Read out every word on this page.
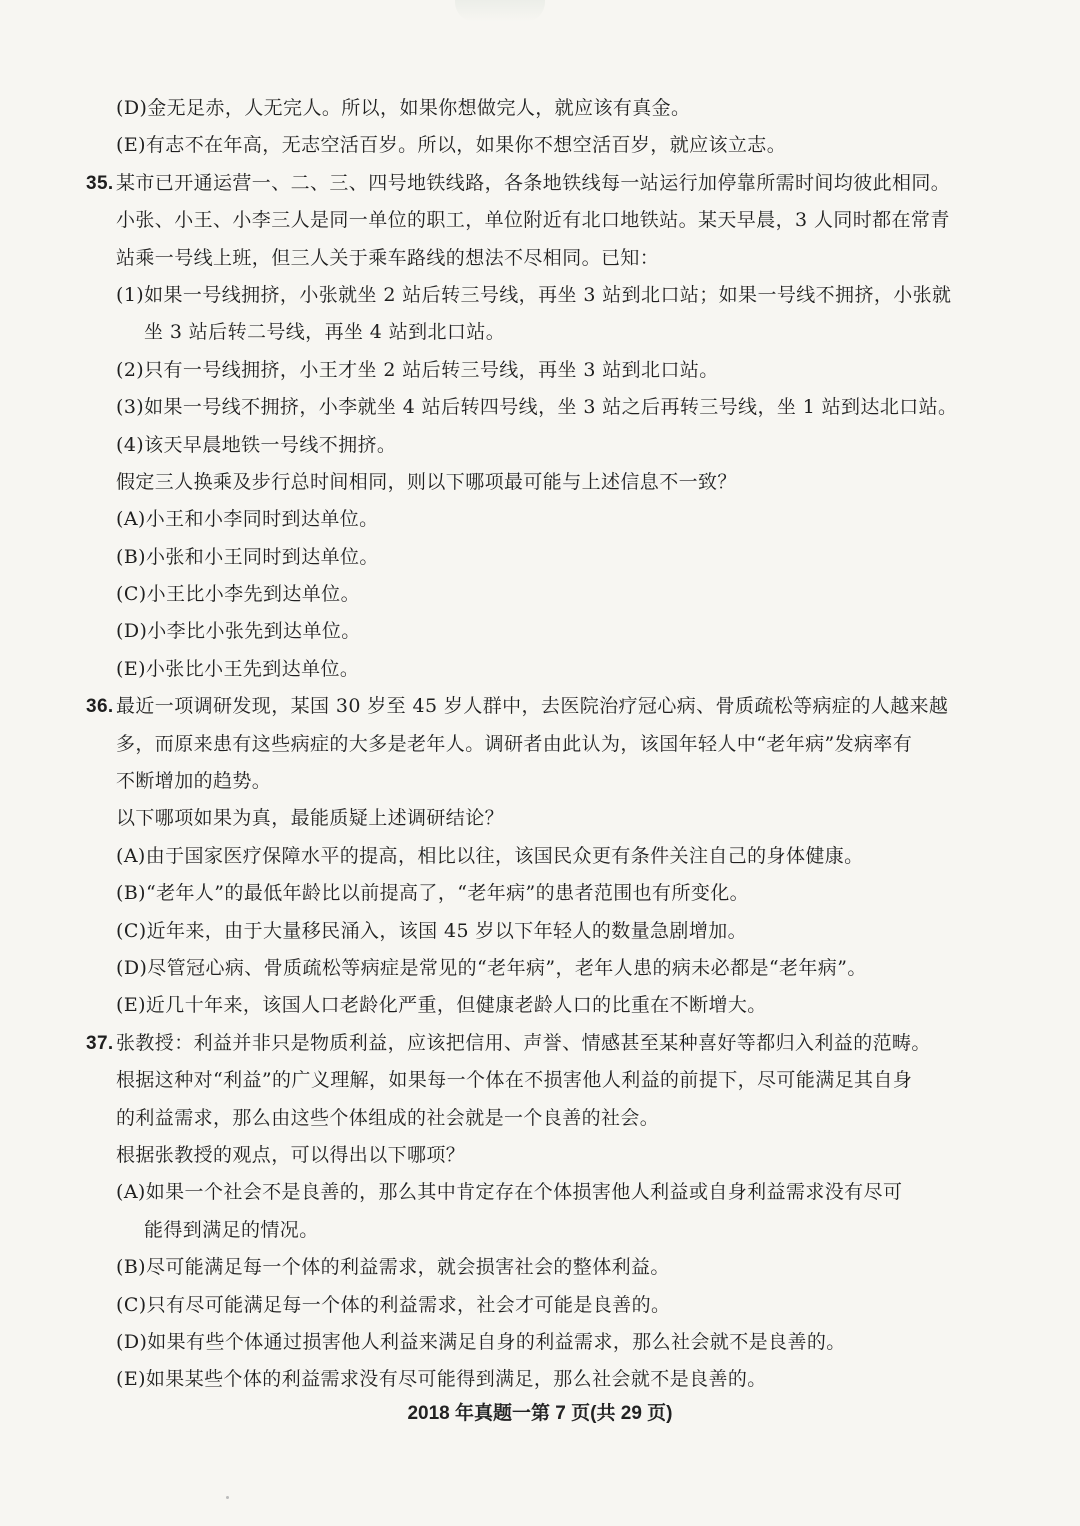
(D)金无足赤，人无完人。所以，如果你想做完人，就应该有真金。
(E)有志不在年高，无志空活百岁。所以，如果你不想空活百岁，就应该立志。
35. 某市已开通运营一、二、三、四号地铁线路，各条地铁线每一站运行加停靠所需时间均彼此相同。
小张、小王、小李三人是同一单位的职工，单位附近有北口地铁站。某天早晨，3 人同时都在常青
站乘一号线上班，但三人关于乘车路线的想法不尽相同。已知：
(1)如果一号线拥挤，小张就坐 2 站后转三号线，再坐 3 站到北口站；如果一号线不拥挤，小张就
坐 3 站后转二号线，再坐 4 站到北口站。
(2)只有一号线拥挤，小王才坐 2 站后转三号线，再坐 3 站到北口站。
(3)如果一号线不拥挤，小李就坐 4 站后转四号线，坐 3 站之后再转三号线，坐 1 站到达北口站。
(4)该天早晨地铁一号线不拥挤。
假定三人换乘及步行总时间相同，则以下哪项最可能与上述信息不一致？
(A)小王和小李同时到达单位。
(B)小张和小王同时到达单位。
(C)小王比小李先到达单位。
(D)小李比小张先到达单位。
(E)小张比小王先到达单位。
36. 最近一项调研发现，某国 30 岁至 45 岁人群中，去医院治疗冠心病、骨质疏松等病症的人越来越
多，而原来患有这些病症的大多是老年人。调研者由此认为，该国年轻人中“老年病”发病率有
不断增加的趋势。
以下哪项如果为真，最能质疑上述调研结论？
(A)由于国家医疗保障水平的提高，相比以往，该国民众更有条件关注自己的身体健康。
(B)“老年人”的最低年龄比以前提高了，“老年病”的患者范围也有所变化。
(C)近年来，由于大量移民涌入，该国 45 岁以下年轻人的数量急剧增加。
(D)尽管冠心病、骨质疏松等病症是常见的“老年病”，老年人患的病未必都是“老年病”。
(E)近几十年来，该国人口老龄化严重，但健康老龄人口的比重在不断增大。
37. 张教授：利益并非只是物质利益，应该把信用、声誉、情感甚至某种喜好等都归入利益的范畴。
根据这种对“利益”的广义理解，如果每一个体在不损害他人利益的前提下，尽可能满足其自身
的利益需求，那么由这些个体组成的社会就是一个良善的社会。
根据张教授的观点，可以得出以下哪项？
(A)如果一个社会不是良善的，那么其中肯定存在个体损害他人利益或自身利益需求没有尽可
能得到满足的情况。
(B)尽可能满足每一个体的利益需求，就会损害社会的整体利益。
(C)只有尽可能满足每一个体的利益需求，社会才可能是良善的。
(D)如果有些个体通过损害他人利益来满足自身的利益需求，那么社会就不是良善的。
(E)如果某些个体的利益需求没有尽可能得到满足，那么社会就不是良善的。
2018 年真题一第 7 页(共 29 页)
